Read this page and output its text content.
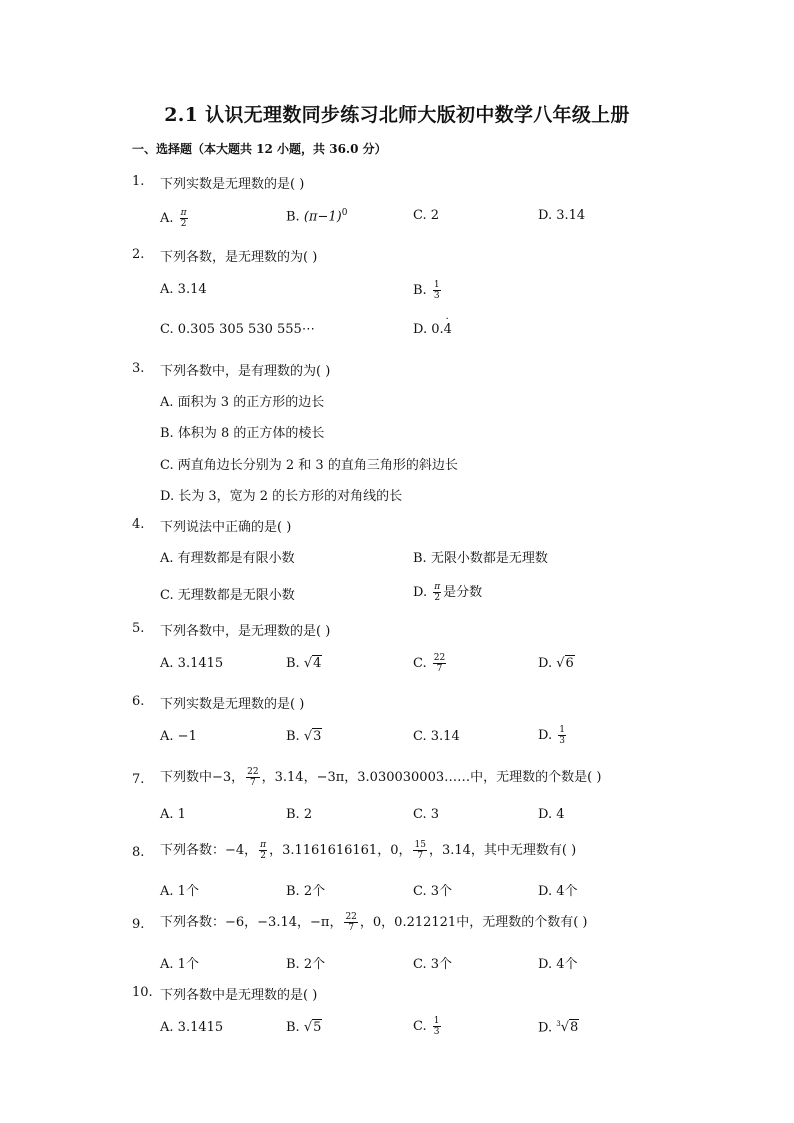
2.1 认识无理数同步练习北师大版初中数学八年级上册
一、选择题（本大题共 12 小题，共 36.0 分）
1. 下列实数是无理数的是( )
A. $\frac{\pi}{2}$	B. $(\pi-1)^0$	C. 2	D. 3.14
2. 下列各数，是无理数的为( )
A. 3.14	B. $\frac{1}{3}$
C. 0.305 305 530 555⋯	D. 0.
·
4
3. 下列各数中，是有理数的为( )
A. 面积为 3 的正方形的边长
B. 体积为 8 的正方体的棱长
C. 两直角边长分别为 2 和 3 的直角三角形的斜边长
D. 长为 3，宽为 2 的长方形的对角线的长
4. 下列说法中正确的是( )
A. 有理数都是有限小数	B. 无限小数都是无理数
C. 无理数都是无限小数	D. $\frac{\pi}{2}$ 是分数
5. 下列各数中，是无理数的是( )
A. 3.1415	B. √4	C. $\frac{22}{7}$	D. √6
6. 下列实数是无理数的是( )
A. −1	B. √3	C. 3.14	D. $\frac{1}{3}$
7. 下列数中−3， $\frac{22}{7}$ ，3.14，−3π，3.030030003……中，无理数的个数是( )
A. 1	B. 2	C. 3	D. 4
8. 下列各数：−4， $\frac{\pi}{2}$ ，3.1161616161，0， $\frac{15}{7}$ ，3.14，其中无理数有( )
A. 1个	B. 2个	C. 3个	D. 4个
9. 下列各数：−6，−3.14，−π， $\frac{22}{7}$ ，0，0.212121中，无理数的个数有( )
A. 1个	B. 2个	C. 3个	D. 4个
10. 下列各数中是无理数的是( )
A. 3.1415	B. √5	C. $\frac{1}{3}$	D. $^3$√8
